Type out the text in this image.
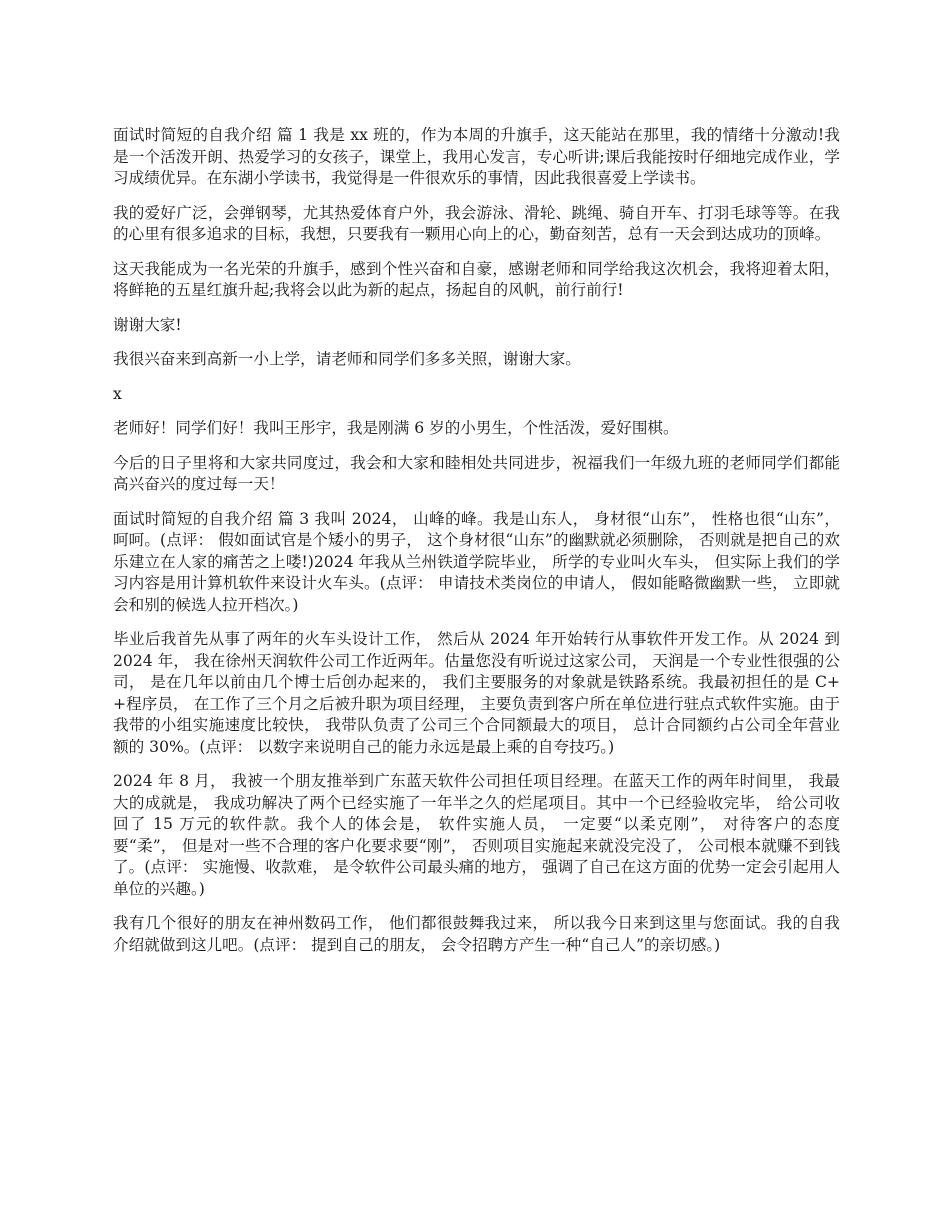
面试时简短的自我介绍 篇 1 我是 xx 班的，作为本周的升旗手，这天能站在那里，我的情绪十分激动!我是一个活泼开朗、热爱学习的女孩子，课堂上，我用心发言，专心听讲;课后我能按时仔细地完成作业，学习成绩优异。在东湖小学读书，我觉得是一件很欢乐的事情，因此我很喜爱上学读书。

我的爱好广泛，会弹钢琴，尤其热爱体育户外，我会游泳、滑轮、跳绳、骑自开车、打羽毛球等等。在我的心里有很多追求的目标，我想，只要我有一颗用心向上的心，勤奋刻苦，总有一天会到达成功的顶峰。

这天我能成为一名光荣的升旗手，感到个性兴奋和自豪，感谢老师和同学给我这次机会，我将迎着太阳，将鲜艳的五星红旗升起;我将会以此为新的起点，扬起自的风帆，前行前行!

谢谢大家!

我很兴奋来到高新一小上学，请老师和同学们多多关照，谢谢大家。

x

老师好！同学们好！我叫王彤宇，我是刚满 6 岁的小男生，个性活泼，爱好围棋。

今后的日子里将和大家共同度过，我会和大家和睦相处共同进步，祝福我们一年级九班的老师同学们都能高兴奋兴的度过每一天！

面试时简短的自我介绍 篇 3 我叫 2024， 山峰的峰。我是山东人， 身材很“山东”， 性格也很“山东”， 呵呵。(点评： 假如面试官是个矮小的男子， 这个身材很“山东”的幽默就必须删除， 否则就是把自己的欢乐建立在人家的痛苦之上喽!)2024 年我从兰州铁道学院毕业， 所学的专业叫火车头， 但实际上我们的学习内容是用计算机软件来设计火车头。(点评： 申请技术类岗位的申请人， 假如能略微幽默一些， 立即就会和别的候选人拉开档次。)

毕业后我首先从事了两年的火车头设计工作， 然后从 2024 年开始转行从事软件开发工作。从 2024 到 2024 年， 我在徐州天润软件公司工作近两年。估量您没有听说过这家公司， 天润是一个专业性很强的公司， 是在几年以前由几个博士后创办起来的， 我们主要服务的对象就是铁路系统。我最初担任的是 C++程序员， 在工作了三个月之后被升职为项目经理， 主要负责到客户所在单位进行驻点式软件实施。由于我带的小组实施速度比较快， 我带队负责了公司三个合同额最大的项目， 总计合同额约占公司全年营业额的 30%。(点评： 以数字来说明自己的能力永远是最上乘的自夸技巧。)

2024 年 8 月， 我被一个朋友推举到广东蓝天软件公司担任项目经理。在蓝天工作的两年时间里， 我最大的成就是， 我成功解决了两个已经实施了一年半之久的烂尾项目。其中一个已经验收完毕， 给公司收回了 15 万元的软件款。我个人的体会是， 软件实施人员， 一定要“以柔克刚”， 对待客户的态度要“柔”， 但是对一些不合理的客户化要求要“刚”， 否则项目实施起来就没完没了， 公司根本就赚不到钱了。(点评： 实施慢、收款难， 是令软件公司最头痛的地方， 强调了自己在这方面的优势一定会引起用人单位的兴趣。)

我有几个很好的朋友在神州数码工作， 他们都很鼓舞我过来， 所以我今日来到这里与您面试。我的自我介绍就做到这儿吧。(点评： 提到自己的朋友， 会令招聘方产生一种“自己人”的亲切感。)
